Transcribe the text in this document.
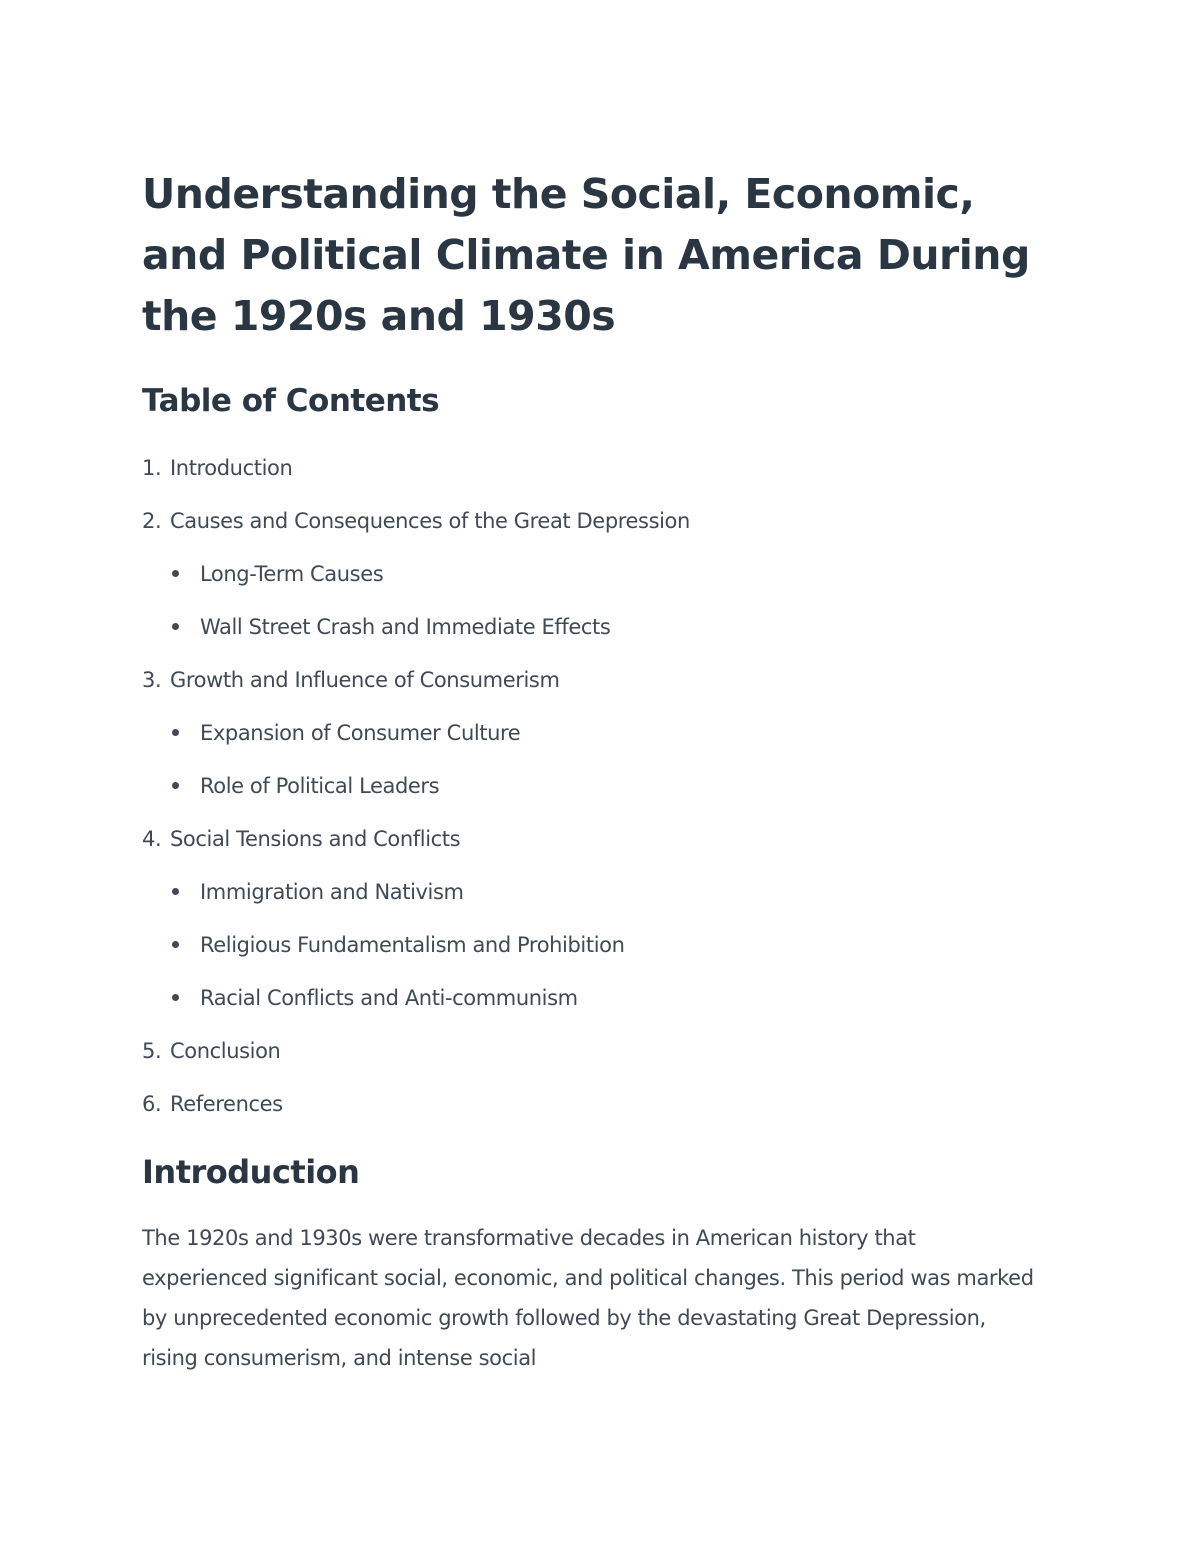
Understanding the Social, Economic, and Political Climate in America During the 1920s and 1930s
Table of Contents
1. Introduction
2. Causes and Consequences of the Great Depression
Long-Term Causes
Wall Street Crash and Immediate Effects
3. Growth and Influence of Consumerism
Expansion of Consumer Culture
Role of Political Leaders
4. Social Tensions and Conflicts
Immigration and Nativism
Religious Fundamentalism and Prohibition
Racial Conflicts and Anti-communism
5. Conclusion
6. References
Introduction

The 1920s and 1930s were transformative decades in American history that experienced significant social, economic, and political changes. This period was marked by unprecedented economic growth followed by the devastating Great Depression, rising consumerism, and intense social
